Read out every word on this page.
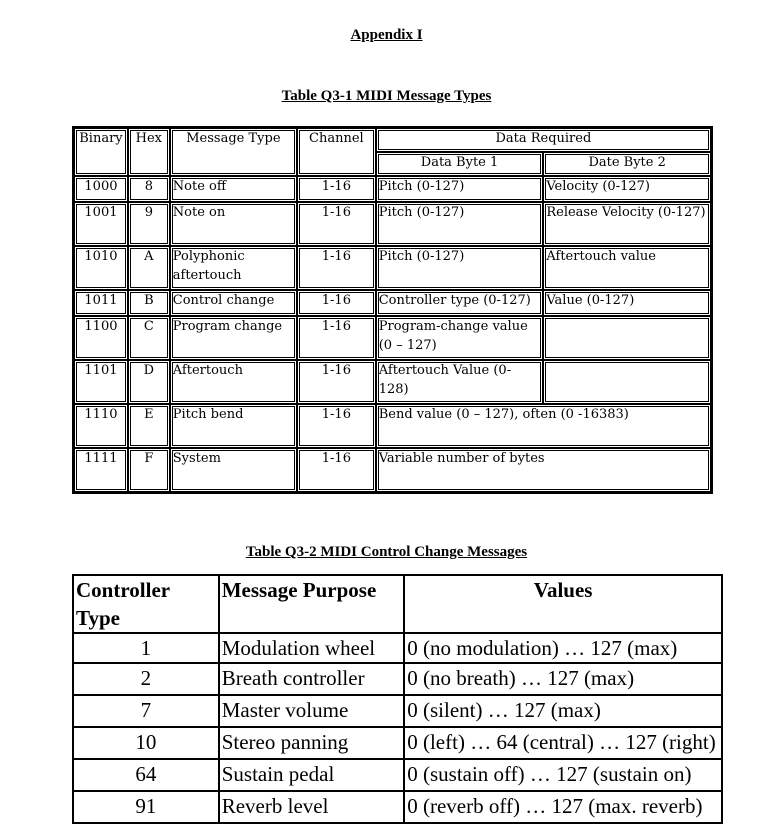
Appendix I
Table Q3-1 MIDI Message Types
Binary	Hex	Message Type	Channel	Data Required	
				Data Byte 1	Date Byte 2
1000	8	Note off	1-16	Pitch (0-127)	Velocity (0-127)
1001	9	Note on	1-16	Pitch (0-127)	Release Velocity (0-127)
1010	A	Polyphonic aftertouch	1-16	Pitch (0-127)	Aftertouch value
1011	B	Control change	1-16	Controller type (0-127)	Value (0-127)
1100	C	Program change	1-16	Program-change value (0 – 127)	
1101	D	Aftertouch	1-16	Aftertouch Value (0-128)	
1110	E	Pitch bend	1-16	Bend value (0 – 127), often (0 -16383)	
1111	F	System	1-16	Variable number of bytes	
Table Q3-2 MIDI Control Change Messages
Controller Type	Message Purpose	Values
1	Modulation wheel	0 (no modulation) … 127 (max)
2	Breath controller	0 (no breath) … 127 (max)
7	Master volume	0 (silent) … 127 (max)
10	Stereo panning	0 (left) … 64 (central) … 127 (right)
64	Sustain pedal	0 (sustain off) … 127 (sustain on)
91	Reverb level	0 (reverb off) … 127 (max. reverb)
